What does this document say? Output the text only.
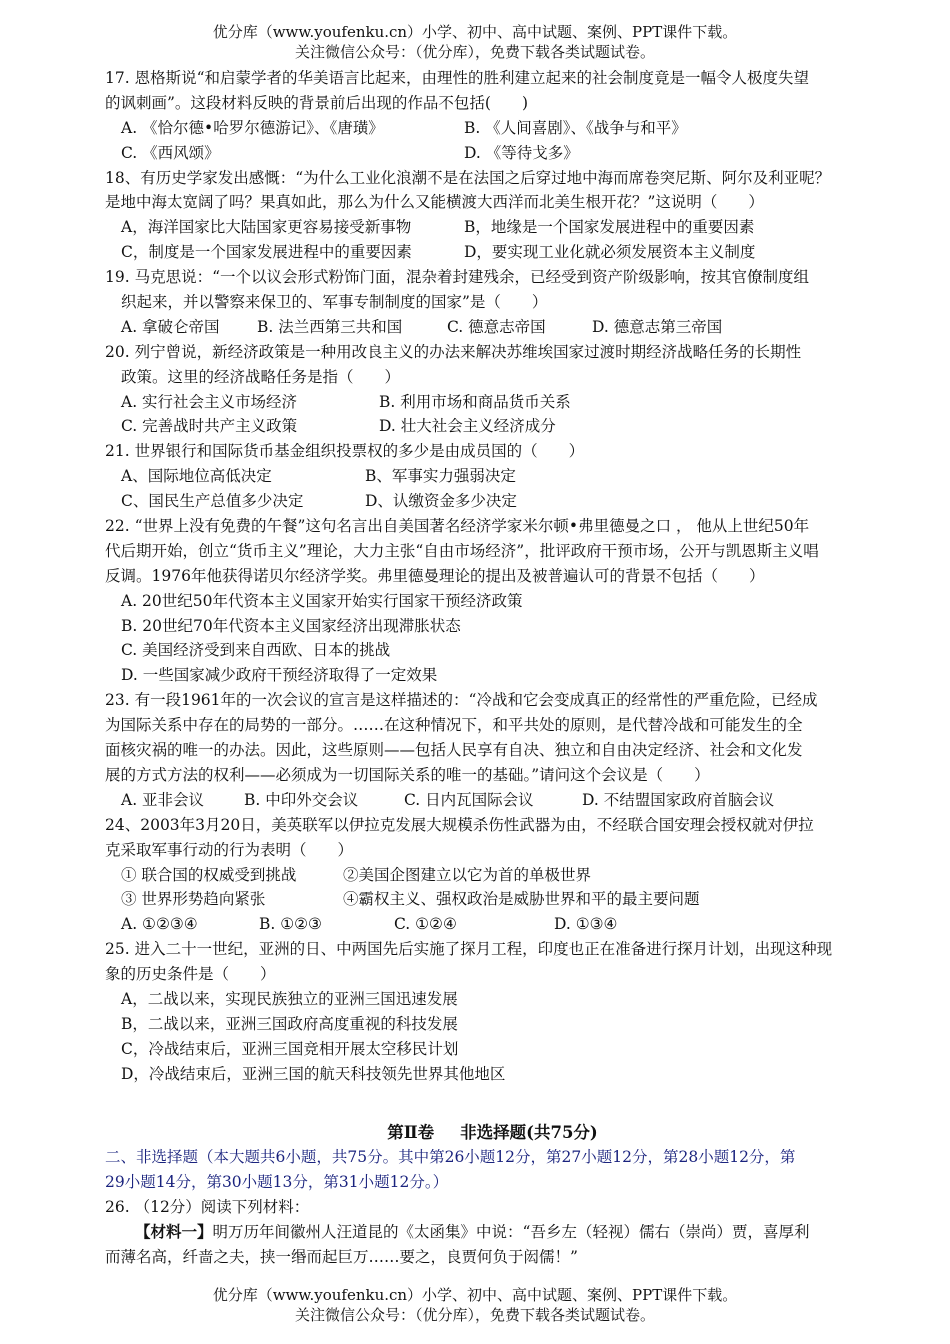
优分库（www.youfenku.cn）小学、初中、高中试题、案例、PPT课件下载。
关注微信公众号：（优分库），免费下载各类试题试卷。
17. 恩格斯说“和启蒙学者的华美语言比起来，由理性的胜利建立起来的社会制度竟是一幅令人极度失望
的讽刺画”。这段材料反映的背景前后出现的作品不包括(　　)
A. 《恰尔德•哈罗尔德游记》、《唐璜》	B. 《人间喜剧》、《战争与和平》
C. 《西风颂》	D. 《等待戈多》
18、有历史学家发出感慨：“为什么工业化浪潮不是在法国之后穿过地中海而席卷突尼斯、阿尔及利亚呢？
是地中海太宽阔了吗？果真如此，那么为什么又能横渡大西洋而北美生根开花？”这说明（　　）
A，海洋国家比大陆国家更容易接受新事物	B，地缘是一个国家发展进程中的重要因素
C，制度是一个国家发展进程中的重要因素	D，要实现工业化就必须发展资本主义制度
19. 马克思说：“一个以议会形式粉饰门面，混杂着封建残余，已经受到资产阶级影响，按其官僚制度组
织起来，并以警察来保卫的、军事专制制度的国家”是（　　）
A. 拿破仑帝国	B. 法兰西第三共和国	C. 德意志帝国	D. 德意志第三帝国
20. 列宁曾说，新经济政策是一种用改良主义的办法来解决苏维埃国家过渡时期经济战略任务的长期性
政策。这里的经济战略任务是指（　　）
A. 实行社会主义市场经济	B. 利用市场和商品货币关系
C. 完善战时共产主义政策	D. 壮大社会主义经济成分
21. 世界银行和国际货币基金组织投票权的多少是由成员国的（　　）
A、国际地位高低决定	B、军事实力强弱决定
C、国民生产总值多少决定	D、认缴资金多少决定
22. “世界上没有免费的午餐”这句名言出自美国著名经济学家米尔顿•弗里德曼之口 ， 他从上世纪50年
代后期开始，创立“货币主义”理论，大力主张“自由市场经济”，批评政府干预市场，公开与凯恩斯主义唱
反调。1976年他获得诺贝尔经济学奖。弗里德曼理论的提出及被普遍认可的背景不包括（　　）
A. 20世纪50年代资本主义国家开始实行国家干预经济政策
B. 20世纪70年代资本主义国家经济出现滞胀状态
C. 美国经济受到来自西欧、日本的挑战
D. 一些国家减少政府干预经济取得了一定效果
23. 有一段1961年的一次会议的宣言是这样描述的：“冷战和它会变成真正的经常性的严重危险，已经成
为国际关系中存在的局势的一部分。……在这种情况下，和平共处的原则，是代替冷战和可能发生的全
面核灾祸的唯一的办法。因此，这些原则——包括人民享有自决、独立和自由决定经济、社会和文化发
展的方式方法的权利——必须成为一切国际关系的唯一的基础。”请问这个会议是（　　）
A. 亚非会议	B. 中印外交会议	C. 日内瓦国际会议	D. 不结盟国家政府首脑会议
24、2003年3月20日，美英联军以伊拉克发展大规模杀伤性武器为由，不经联合国安理会授权就对伊拉
克采取军事行动的行为表明（　　）
① 联合国的权威受到挑战	②美国企图建立以它为首的单极世界
③ 世界形势趋向紧张	④霸权主义、强权政治是威胁世界和平的最主要问题
A. ①②③④	B. ①②③	C. ①②④	D. ①③④
25. 进入二十一世纪，亚洲的日、中两国先后实施了探月工程，印度也正在准备进行探月计划，出现这种现
象的历史条件是（　　）
A，二战以来，实现民族独立的亚洲三国迅速发展
B，二战以来，亚洲三国政府高度重视的科技发展
C，冷战结束后，亚洲三国竞相开展太空移民计划
D，冷战结束后，亚洲三国的航天科技领先世界其他地区
第Ⅱ卷 非选择题(共75分)
二、非选择题（本大题共6小题，共75分。其中第26小题12分，第27小题12分，第28小题12分，第
29小题14分，第30小题13分，第31小题12分。）
26. （12分）阅读下列材料：
【材料一】明万历年间徽州人汪道昆的《太函集》中说：“吾乡左（轻视）儒右（崇尚）贾，喜厚利
而薄名高，纤啬之夫，挟一缗而起巨万……要之，良贾何负于闳儒！”
优分库（www.youfenku.cn）小学、初中、高中试题、案例、PPT课件下载。
关注微信公众号：（优分库），免费下载各类试题试卷。
